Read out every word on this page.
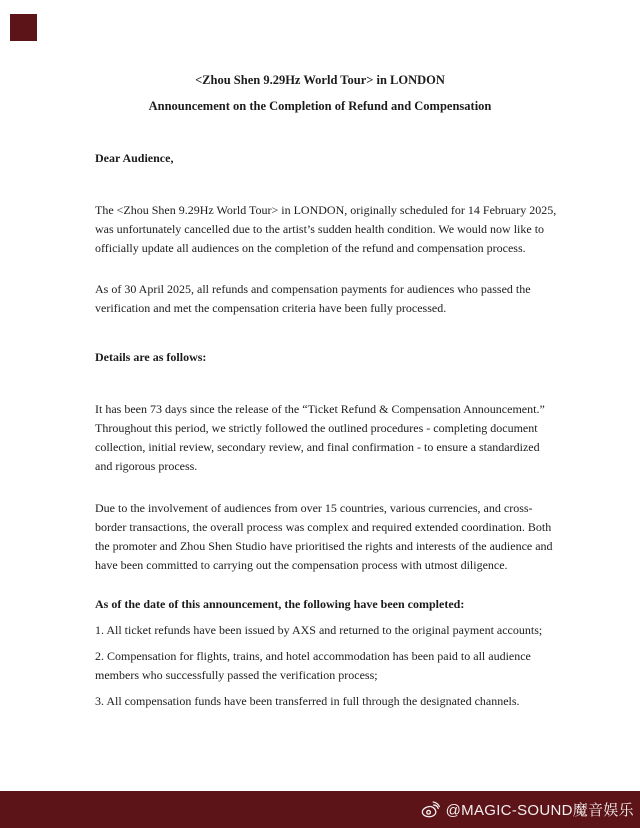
<Zhou Shen 9.29Hz World Tour> in LONDON
Announcement on the Completion of Refund and Compensation

Dear Audience,

The <Zhou Shen 9.29Hz World Tour> in LONDON, originally scheduled for 14 February 2025, was unfortunately cancelled due to the artist’s sudden health condition. We would now like to officially update all audiences on the completion of the refund and compensation process.

As of 30 April 2025, all refunds and compensation payments for audiences who passed the verification and met the compensation criteria have been fully processed.

Details are as follows:

It has been 73 days since the release of the “Ticket Refund & Compensation Announcement.” Throughout this period, we strictly followed the outlined procedures - completing document collection, initial review, secondary review, and final confirmation - to ensure a standardized and rigorous process.

Due to the involvement of audiences from over 15 countries, various currencies, and cross-border transactions, the overall process was complex and required extended coordination. Both the promoter and Zhou Shen Studio have prioritised the rights and interests of the audience and have been committed to carrying out the compensation process with utmost diligence.

As of the date of this announcement, the following have been completed:

1. All ticket refunds have been issued by AXS and returned to the original payment accounts;

2. Compensation for flights, trains, and hotel accommodation has been paid to all audience members who successfully passed the verification process;

3. All compensation funds have been transferred in full through the designated channels.

@MAGIC-SOUND魔音娱乐
